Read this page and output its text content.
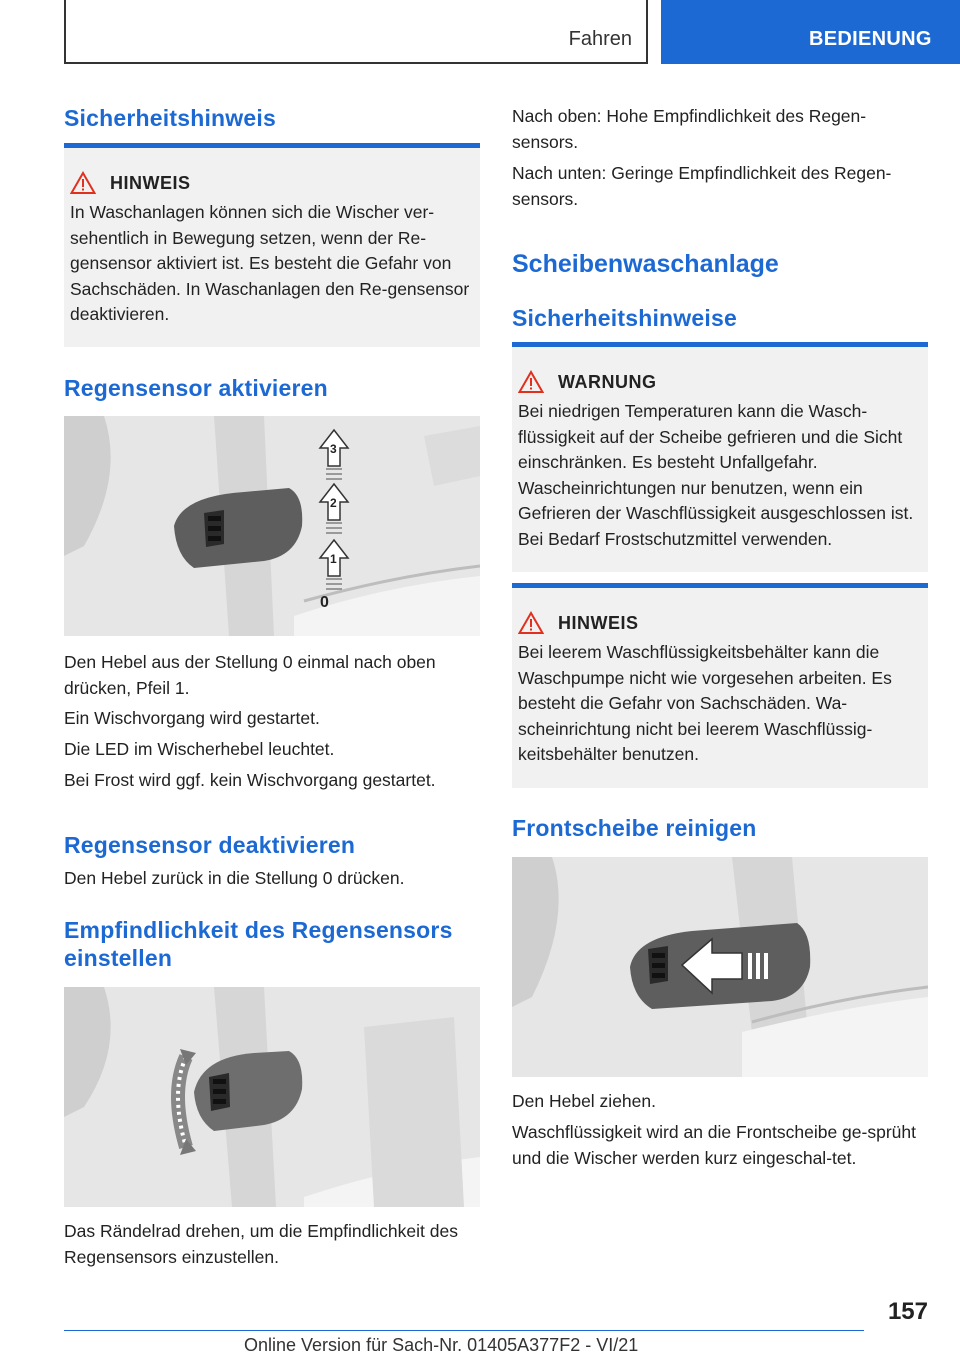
Fahren	BEDIENUNG
Sicherheitshinweis
HINWEIS

In Waschanlagen können sich die Wischer ver-sehentlich in Bewegung setzen, wenn der Re-gensensor aktiviert ist. Es besteht die Gefahr von Sachschäden. In Waschanlagen den Re-gensensor deaktivieren.

Regensensor aktivieren
3
2
1
0

Den Hebel aus der Stellung 0 einmal nach oben drücken, Pfeil 1.

Ein Wischvorgang wird gestartet.

Die LED im Wischerhebel leuchtet.

Bei Frost wird ggf. kein Wischvorgang gestartet.

Regensensor deaktivieren

Den Hebel zurück in die Stellung 0 drücken.

Empfindlichkeit des Regensensors einstellen

Das Rändelrad drehen, um die Empfindlichkeit des Regensensors einzustellen.

Nach oben: Hohe Empfindlichkeit des Regen-sensors.

Nach unten: Geringe Empfindlichkeit des Regen-sensors.

Scheibenwaschanlage
Sicherheitshinweise
WARNUNG

Bei niedrigen Temperaturen kann die Wasch-flüssigkeit auf der Scheibe gefrieren und die Sicht einschränken. Es besteht Unfallgefahr. Wascheinrichtungen nur benutzen, wenn ein Gefrieren der Waschflüssigkeit ausgeschlossen ist. Bei Bedarf Frostschutzmittel verwenden.

HINWEIS

Bei leerem Waschflüssigkeitsbehälter kann die Waschpumpe nicht wie vorgesehen arbeiten. Es besteht die Gefahr von Sachschäden. Wa-scheinrichtung nicht bei leerem Waschflüssig-keitsbehälter benutzen.

Frontscheibe reinigen

Den Hebel ziehen.

Waschflüssigkeit wird an die Frontscheibe ge-sprüht und die Wischer werden kurz eingeschal-tet.

157
Online Version für Sach-Nr. 01405A377F2 - VI/21
